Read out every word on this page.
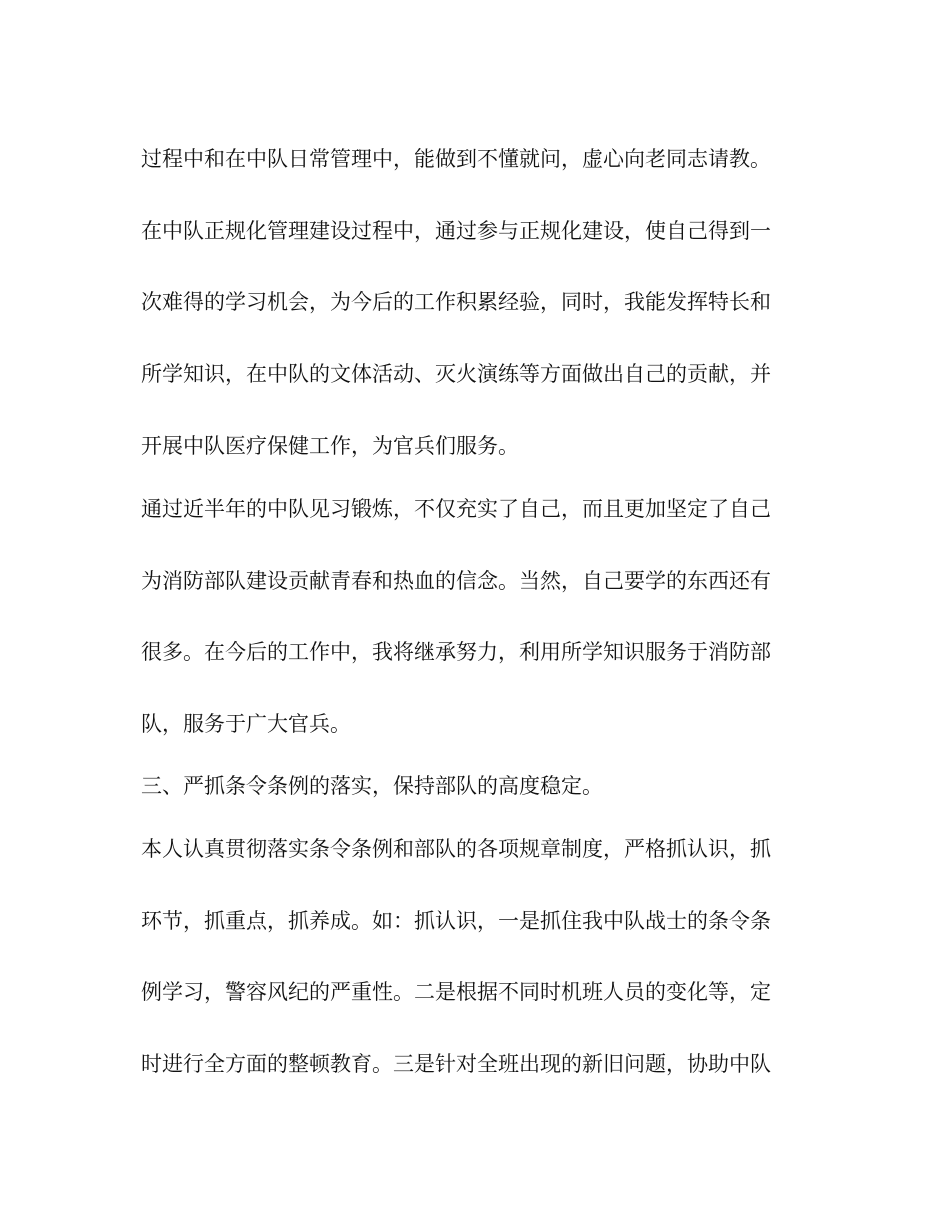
过程中和在中队日常管理中，能做到不懂就问，虚心向老同志请教。
在中队正规化管理建设过程中，通过参与正规化建设，使自己得到一
次难得的学习机会，为今后的工作积累经验，同时，我能发挥特长和
所学知识，在中队的文体活动、灭火演练等方面做出自己的贡献，并
开展中队医疗保健工作，为官兵们服务。
通过近半年的中队见习锻炼，不仅充实了自己，而且更加坚定了自己
为消防部队建设贡献青春和热血的信念。当然，自己要学的东西还有
很多。在今后的工作中，我将继承努力，利用所学知识服务于消防部
队，服务于广大官兵。
三、严抓条令条例的落实，保持部队的高度稳定。
本人认真贯彻落实条令条例和部队的各项规章制度，严格抓认识，抓
环节，抓重点，抓养成。如：抓认识，一是抓住我中队战士的条令条
例学习，警容风纪的严重性。二是根据不同时机班人员的变化等，定
时进行全方面的整顿教育。三是针对全班出现的新旧问题，协助中队
